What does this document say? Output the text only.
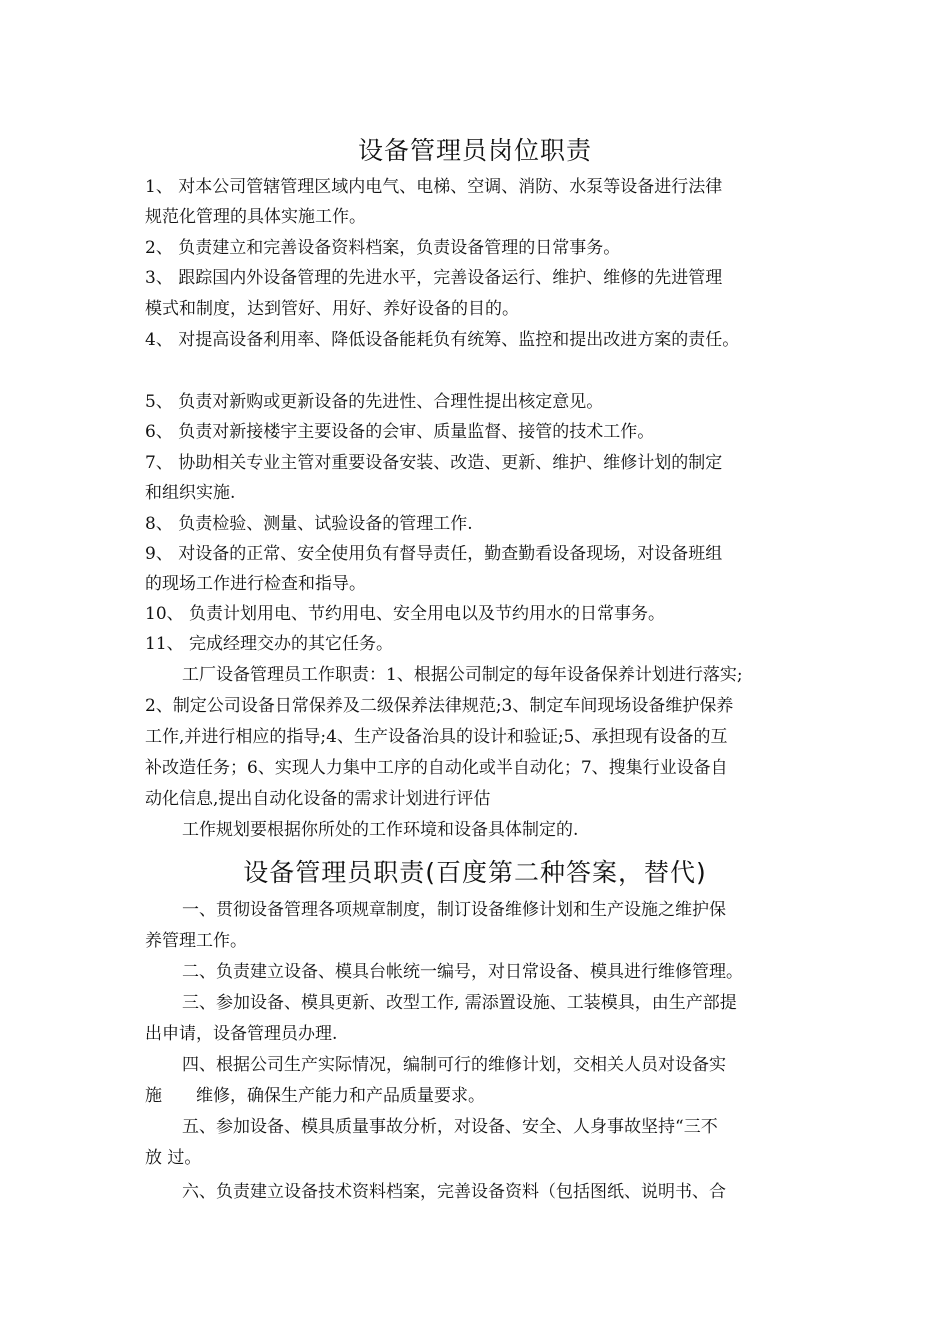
设备管理员岗位职责

1、 对本公司管辖管理区域内电气、电梯、空调、消防、水泵等设备进行法律

规范化管理的具体实施工作。

2、 负责建立和完善设备资料档案，负责设备管理的日常事务。

3、 跟踪国内外设备管理的先进水平，完善设备运行、维护、维修的先进管理

模式和制度，达到管好、用好、养好设备的目的。

4、 对提高设备利用率、降低设备能耗负有统筹、监控和提出改进方案的责任。

5、 负责对新购或更新设备的先进性、合理性提出核定意见。

6、 负责对新接楼宇主要设备的会审、质量监督、接管的技术工作。

7、 协助相关专业主管对重要设备安装、改造、更新、维护、维修计划的制定

和组织实施.

8、 负责检验、测量、试验设备的管理工作.

9、 对设备的正常、安全使用负有督导责任，勤查勤看设备现场，对设备班组

的现场工作进行检查和指导。

10、 负责计划用电、节约用电、安全用电以及节约用水的日常事务。

11、 完成经理交办的其它任务。

工厂设备管理员工作职责：1、根据公司制定的每年设备保养计划进行落实;

2、制定公司设备日常保养及二级保养法律规范;3、制定车间现场设备维护保养

工作,并进行相应的指导;4、生产设备治具的设计和验证;5、承担现有设备的互

补改造任务；6、实现人力集中工序的自动化或半自动化；7、搜集行业设备自

动化信息,提出自动化设备的需求计划进行评估

工作规划要根据你所处的工作环境和设备具体制定的.

设备管理员职责(百度第二种答案，替代)

一、贯彻设备管理各项规章制度，制订设备维修计划和生产设施之维护保

养管理工作。

二、负责建立设备、模具台帐统一编号，对日常设备、模具进行维修管理。

三、参加设备、模具更新、改型工作, 需添置设施、工装模具，由生产部提

出申请，设备管理员办理.

四、根据公司生产实际情况，编制可行的维修计划，交相关人员对设备实

施　　维修，确保生产能力和产品质量要求。

五、参加设备、模具质量事故分析，对设备、安全、人身事故坚持“三不

放 过。

六、负责建立设备技术资料档案，完善设备资料（包括图纸、说明书、合
